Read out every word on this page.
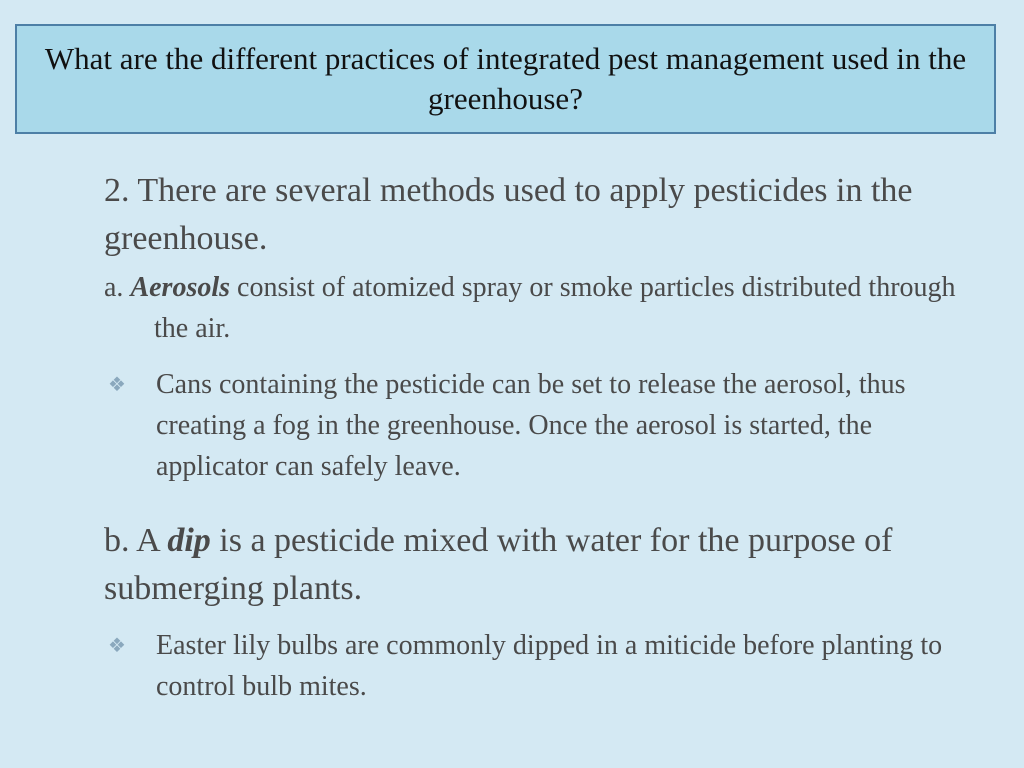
What are the different practices of integrated pest management used in the greenhouse?

2. There are several methods used to apply pesticides in the greenhouse.

a. Aerosols consist of atomized spray or smoke particles distributed through the air.

❖	Cans containing the pesticide can be set to release the aerosol, thus creating a fog in the greenhouse. Once the aerosol is started, the applicator can safely leave.

b. A dip is a pesticide mixed with water for the purpose of submerging plants.

❖	Easter lily bulbs are commonly dipped in a miticide before planting to control bulb mites.
